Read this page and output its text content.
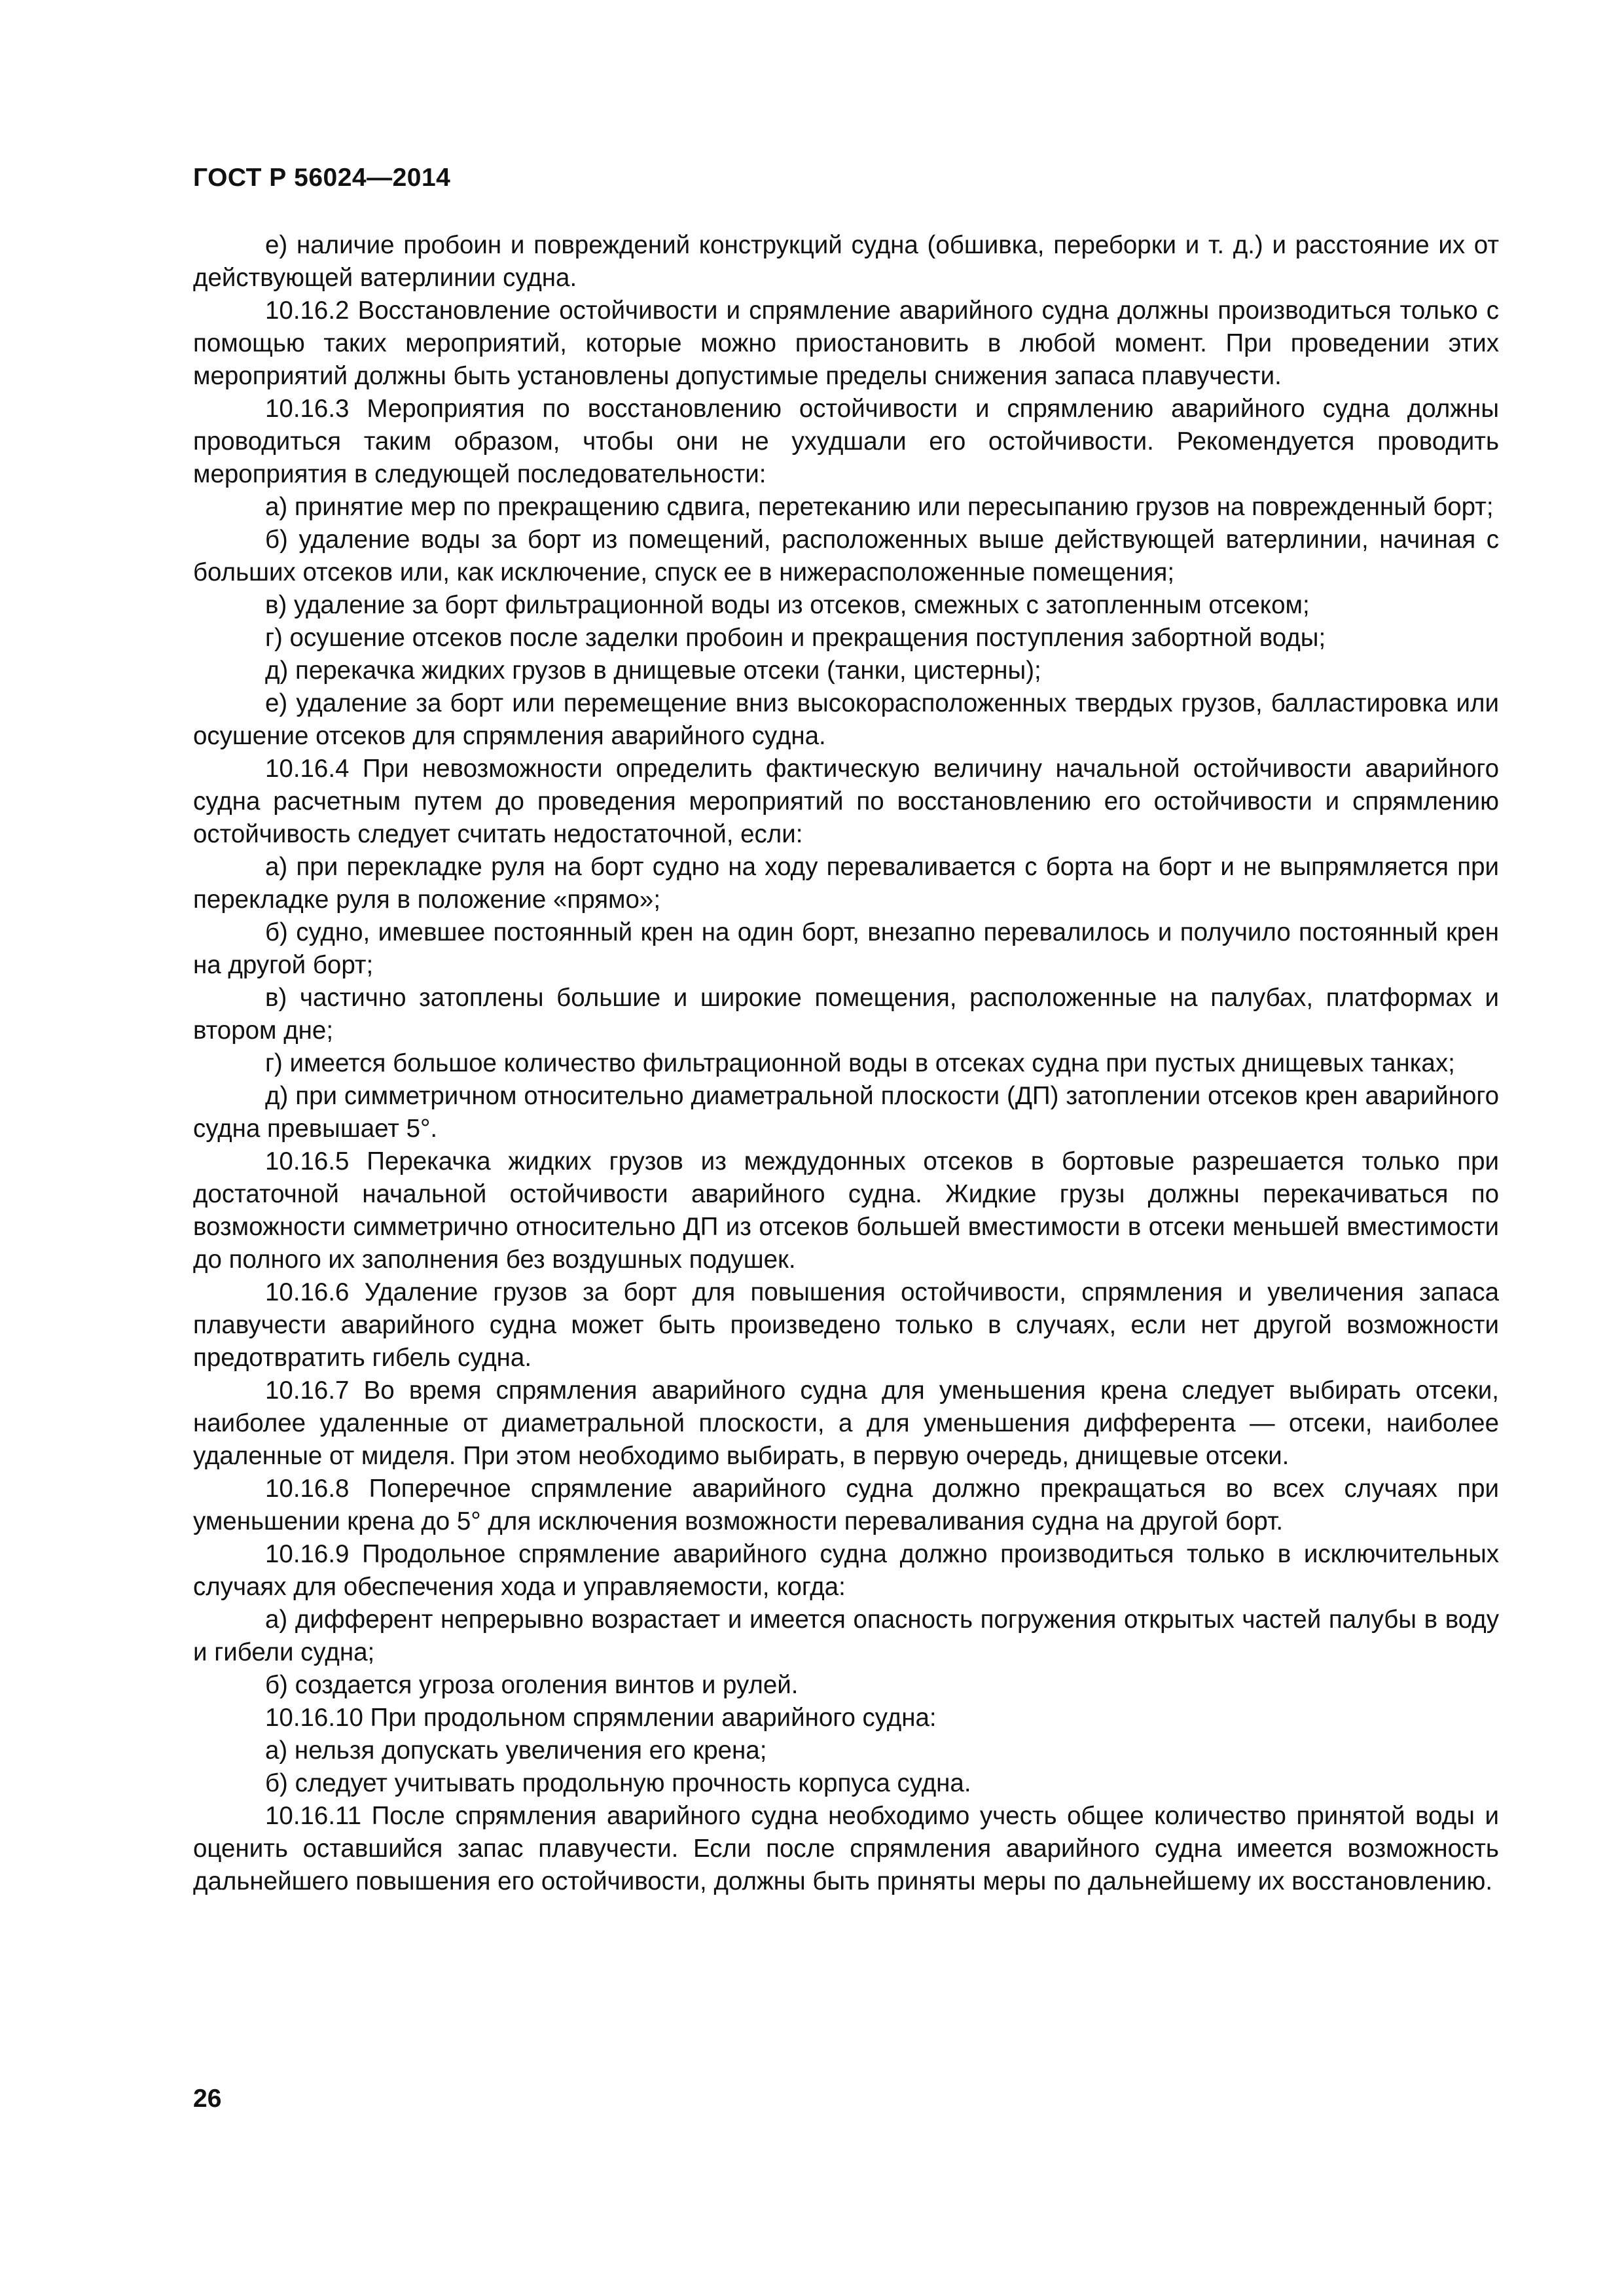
ГОСТ Р 56024—2014

е) наличие пробоин и повреждений конструкций судна (обшивка, переборки и т. д.) и расстояние их от действующей ватерлинии судна.

10.16.2 Восстановление остойчивости и спрямление аварийного судна должны производиться только с помощью таких мероприятий, которые можно приостановить в любой момент. При проведении этих мероприятий должны быть установлены допустимые пределы снижения запаса плавучести.

10.16.3 Мероприятия по восстановлению остойчивости и спрямлению аварийного судна должны проводиться таким образом, чтобы они не ухудшали его остойчивости. Рекомендуется проводить мероприятия в следующей последовательности:

а) принятие мер по прекращению сдвига, перетеканию или пересыпанию грузов на поврежденный борт;

б) удаление воды за борт из помещений, расположенных выше действующей ватерлинии, начиная с больших отсеков или, как исключение, спуск ее в нижерасположенные помещения;

в) удаление за борт фильтрационной воды из отсеков, смежных с затопленным отсеком;

г) осушение отсеков после заделки пробоин и прекращения поступления забортной воды;

д) перекачка жидких грузов в днищевые отсеки (танки, цистерны);

е) удаление за борт или перемещение вниз высокорасположенных твердых грузов, балластировка или осушение отсеков для спрямления аварийного судна.

10.16.4 При невозможности определить фактическую величину начальной остойчивости аварийного судна расчетным путем до проведения мероприятий по восстановлению его остойчивости и спрямлению остойчивость следует считать недостаточной, если:

а) при перекладке руля на борт судно на ходу переваливается с борта на борт и не выпрямляется при перекладке руля в положение «прямо»;

б) судно, имевшее постоянный крен на один борт, внезапно перевалилось и получило постоянный крен на другой борт;

в) частично затоплены большие и широкие помещения, расположенные на палубах, платформах и втором дне;

г) имеется большое количество фильтрационной воды в отсеках судна при пустых днищевых танках;

д) при симметричном относительно диаметральной плоскости (ДП) затоплении отсеков крен аварийного судна превышает 5°.

10.16.5 Перекачка жидких грузов из междудонных отсеков в бортовые разрешается только при достаточной начальной остойчивости аварийного судна. Жидкие грузы должны перекачиваться по возможности симметрично относительно ДП из отсеков большей вместимости в отсеки меньшей вместимости до полного их заполнения без воздушных подушек.

10.16.6 Удаление грузов за борт для повышения остойчивости, спрямления и увеличения запаса плавучести аварийного судна может быть произведено только в случаях, если нет другой возможности предотвратить гибель судна.

10.16.7 Во время спрямления аварийного судна для уменьшения крена следует выбирать отсеки, наиболее удаленные от диаметральной плоскости, а для уменьшения дифферента — отсеки, наиболее удаленные от миделя. При этом необходимо выбирать, в первую очередь, днищевые отсеки.

10.16.8 Поперечное спрямление аварийного судна должно прекращаться во всех случаях при уменьшении крена до 5° для исключения возможности переваливания судна на другой борт.

10.16.9 Продольное спрямление аварийного судна должно производиться только в исключительных случаях для обеспечения хода и управляемости, когда:

а) дифферент непрерывно возрастает и имеется опасность погружения открытых частей палубы в воду и гибели судна;

б) создается угроза оголения винтов и рулей.

10.16.10 При продольном спрямлении аварийного судна:

а) нельзя допускать увеличения его крена;

б) следует учитывать продольную прочность корпуса судна.

10.16.11 После спрямления аварийного судна необходимо учесть общее количество принятой воды и оценить оставшийся запас плавучести. Если после спрямления аварийного судна имеется возможность дальнейшего повышения его остойчивости, должны быть приняты меры по дальнейшему их восстановлению.

26
